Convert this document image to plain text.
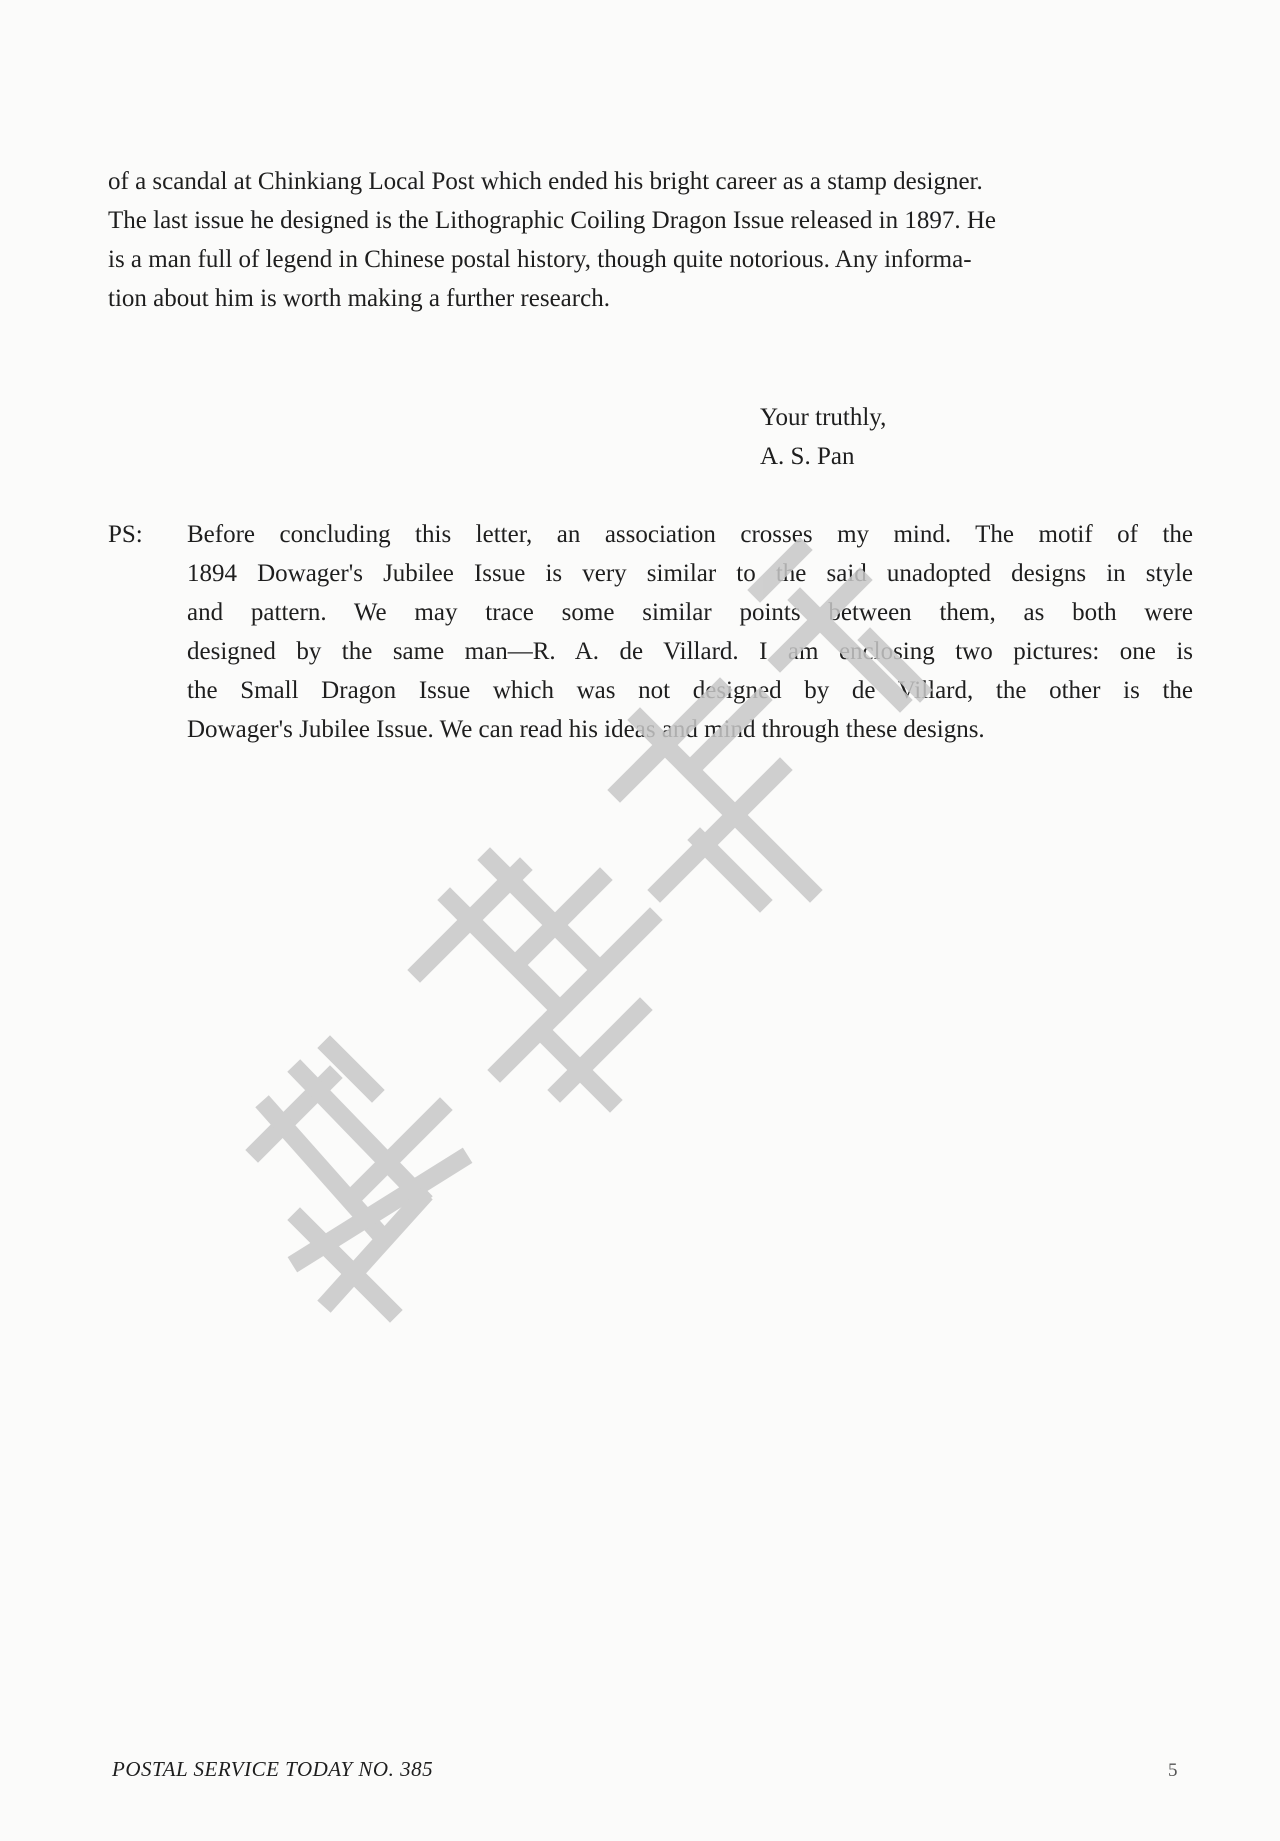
of a scandal at Chinkiang Local Post which ended his bright career as a stamp designer.
The last issue he designed is the Lithographic Coiling Dragon Issue released in 1897. He
is a man full of legend in Chinese postal history, though quite notorious. Any informa-
tion about him is worth making a further research.
Your truthly,
A. S. Pan
PS: Before concluding this letter, an association crosses my mind. The motif of the
1894 Dowager's Jubilee Issue is very similar to the said unadopted designs in style
and pattern. We may trace some similar points between them, as both were
designed by the same man—R. A. de Villard. I am enclosing two pictures: one is
the Small Dragon Issue which was not designed by de Villard, the other is the
Dowager's Jubilee Issue. We can read his ideas and mind through these designs.
POSTAL SERVICE TODAY NO. 385	5
